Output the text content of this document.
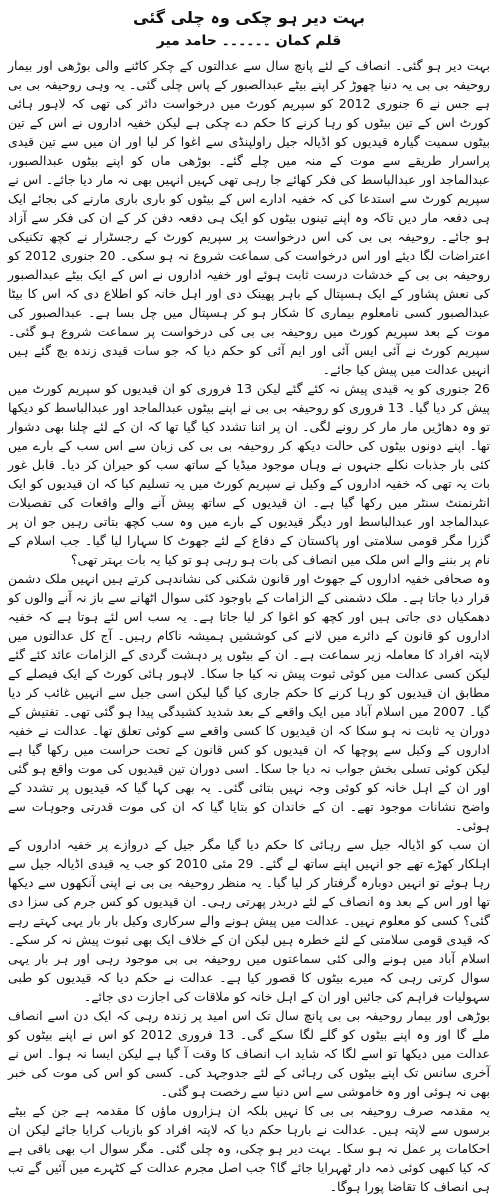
بہت دیر ہو چکی وہ چلی گئی
قلم کمان ۔۔۔۔۔۔ حامد میر

بہت دیر ہو گئی۔ انصاف کے لئے پانچ سال سے عدالتوں کے چکر کاٹنے والی بوڑھی اور بیمار روحیفہ بی بی یہ دنیا چھوڑ کر اپنے بیٹے عبدالصبور کے پاس چلی گئی۔ یہ وہی روحیفہ بی بی ہے جس نے 6 جنوری 2012 کو سپریم کورٹ میں درخواست دائر کی تھی کہ لاہور ہائی کورٹ اس کے تین بیٹوں کو رہا کرنے کا حکم دے چکی ہے لیکن خفیہ اداروں نے اس کے تین بیٹوں سمیت گیارہ قیدیوں کو اڈیالہ جیل راولپنڈی سے اغوا کر لیا اور ان میں سے تین قیدی پراسرار طریقے سے موت کے منہ میں چلے گئے۔ بوڑھی ماں کو اپنے بیٹوں عبدالصبور، عبدالماجد اور عبدالباسط کی فکر کھائے جا رہی تھی کہیں انہیں بھی نہ مار دیا جائے۔ اس نے سپریم کورٹ سے استدعا کی کہ خفیہ ادارے اس کے بیٹوں کو باری باری مارنے کی بجائے ایک ہی دفعہ مار دیں تاکہ وہ اپنے تینوں بیٹوں کو ایک ہی دفعہ دفن کر کے ان کی فکر سے آزاد ہو جائے۔ روحیفہ بی بی کی اس درخواست پر سپریم کورٹ کے رجسٹرار نے کچھ تکنیکی اعتراضات لگا دیئے اور اس درخواست کی سماعت شروع نہ ہو سکی۔ 20 جنوری 2012 کو روحیفہ بی بی کے خدشات درست ثابت ہوئے اور خفیہ اداروں نے اس کے ایک بیٹے عبدالصبور کی نعش پشاور کے ایک ہسپتال کے باہر پھینک دی اور اہل خانہ کو اطلاع دی کہ اس کا بیٹا عبدالصبور کسی نامعلوم بیماری کا شکار ہو کر ہسپتال میں چل بسا ہے۔ عبدالصبور کی موت کے بعد سپریم کورٹ میں روحیفہ بی بی کی درخواست پر سماعت شروع ہو گئی۔ سپریم کورٹ نے آئی ایس آئی اور ایم آئی کو حکم دیا کہ جو سات قیدی زندہ بچ گئے ہیں انہیں عدالت میں پیش کیا جائے۔

26 جنوری کو یہ قیدی پیش نہ کئے گئے لیکن 13 فروری کو ان قیدیوں کو سپریم کورٹ میں پیش کر دیا گیا۔ 13 فروری کو روحیفہ بی بی نے اپنے بیٹوں عبدالماجد اور عبدالباسط کو دیکھا تو وہ دھاڑیں مار مار کر رونے لگی۔ ان پر اتنا تشدد کیا گیا تھا کہ ان کے لئے چلنا بھی دشوار تھا۔ اپنے دونوں بیٹوں کی حالت دیکھ کر روحیفہ بی بی کی زبان سے اس سب کے بارے میں کئی بار جذبات نکلے جنہوں نے وہاں موجود میڈیا کے ساتھ سب کو حیران کر دیا۔ قابل غور بات یہ تھی کہ خفیہ اداروں کے وکیل نے سپریم کورٹ میں یہ تسلیم کیا کہ ان قیدیوں کو ایک انٹرنمنٹ سنٹر میں رکھا گیا ہے۔ ان قیدیوں کے ساتھ پیش آنے والے واقعات کی تفصیلات عبدالماجد اور عبدالباسط اور دیگر قیدیوں کے بارے میں وہ سب کچھ بتاتی رہیں جو ان پر گزرا مگر قومی سلامتی اور پاکستان کے دفاع کے لئے جھوٹ کا سہارا لیا گیا۔ جب اسلام کے نام پر بننے والے اس ملک میں انصاف کی بات ہو رہی ہو تو کیا یہ بات بہتر تھی؟

وہ صحافی خفیہ اداروں کے جھوٹ اور قانون شکنی کی نشاندہی کرتے ہیں انہیں ملک دشمن قرار دیا جاتا ہے۔ ملک دشمنی کے الزامات کے باوجود کئی سوال اٹھانے سے باز نہ آنے والوں کو دھمکیاں دی جاتی ہیں اور کچھ کو اغوا کر لیا جاتا ہے۔ یہ سب اس لئے ہوتا ہے کہ خفیہ اداروں کو قانون کے دائرے میں لانے کی کوششیں ہمیشہ ناکام رہیں۔ آج کل عدالتوں میں لاپتہ افراد کا معاملہ زیر سماعت ہے۔ ان کے بیٹوں پر دہشت گردی کے الزامات عائد کئے گئے لیکن کسی عدالت میں کوئی ثبوت پیش نہ کیا جا سکا۔ لاہور ہائی کورٹ کے ایک فیصلے کے مطابق ان قیدیوں کو رہا کرنے کا حکم جاری کیا گیا لیکن اسی جیل سے انہیں غائب کر دیا گیا۔ 2007 میں اسلام آباد میں ایک واقعے کے بعد شدید کشیدگی پیدا ہو گئی تھی۔ تفتیش کے دوران یہ ثابت نہ ہو سکا کہ ان قیدیوں کا کسی واقعے سے کوئی تعلق تھا۔ عدالت نے خفیہ اداروں کے وکیل سے پوچھا کہ ان قیدیوں کو کس قانون کے تحت حراست میں رکھا گیا ہے لیکن کوئی تسلی بخش جواب نہ دیا جا سکا۔ اسی دوران تین قیدیوں کی موت واقع ہو گئی اور ان کے اہل خانہ کو کوئی وجہ نہیں بتائی گئی۔ یہ بھی کہا گیا کہ قیدیوں پر تشدد کے واضح نشانات موجود تھے۔ ان کے خاندان کو بتایا گیا کہ ان کی موت قدرتی وجوہات سے ہوئی۔

ان سب کو اڈیالہ جیل سے رہائی کا حکم دیا گیا مگر جیل کے دروازے پر خفیہ اداروں کے اہلکار کھڑے تھے جو انہیں اپنے ساتھ لے گئے۔ 29 مئی 2010 کو جب یہ قیدی اڈیالہ جیل سے رہا ہوئے تو انہیں دوبارہ گرفتار کر لیا گیا۔ یہ منظر روحیفہ بی بی نے اپنی آنکھوں سے دیکھا تھا اور اس کے بعد وہ انصاف کے لئے دربدر پھرتی رہی۔ ان قیدیوں کو کس جرم کی سزا دی گئی؟ کسی کو معلوم نہیں۔ عدالت میں پیش ہونے والے سرکاری وکیل بار بار یہی کہتے رہے کہ قیدی قومی سلامتی کے لئے خطرہ ہیں لیکن ان کے خلاف ایک بھی ثبوت پیش نہ کر سکے۔ اسلام آباد میں ہونے والی کئی سماعتوں میں روحیفہ بی بی موجود رہی اور ہر بار یہی سوال کرتی رہی کہ میرے بیٹوں کا قصور کیا ہے۔ عدالت نے حکم دیا کہ قیدیوں کو طبی سہولیات فراہم کی جائیں اور ان کے اہل خانہ کو ملاقات کی اجازت دی جائے۔

بوڑھی اور بیمار روحیفہ بی بی پانچ سال تک اس امید پر زندہ رہی کہ ایک دن اسے انصاف ملے گا اور وہ اپنے بیٹوں کو گلے لگا سکے گی۔ 13 فروری 2012 کو اس نے اپنے بیٹوں کو عدالت میں دیکھا تو اسے لگا کہ شاید اب انصاف کا وقت آ گیا ہے لیکن ایسا نہ ہوا۔ اس نے آخری سانس تک اپنے بیٹوں کی رہائی کے لئے جدوجہد کی۔ کسی کو اس کی موت کی خبر بھی نہ ہوئی اور وہ خاموشی سے اس دنیا سے رخصت ہو گئی۔

یہ مقدمہ صرف روحیفہ بی بی کا نہیں بلکہ ان ہزاروں ماؤں کا مقدمہ ہے جن کے بیٹے برسوں سے لاپتہ ہیں۔ عدالت نے بارہا حکم دیا کہ لاپتہ افراد کو بازیاب کرایا جائے لیکن ان احکامات پر عمل نہ ہو سکا۔ بہت دیر ہو چکی، وہ چلی گئی۔ مگر سوال اب بھی باقی ہے کہ کیا کبھی کوئی ذمہ دار ٹھہرایا جائے گا؟ جب اصل مجرم عدالت کے کٹہرے میں آئیں گے تب ہی انصاف کا تقاضا پورا ہوگا۔
